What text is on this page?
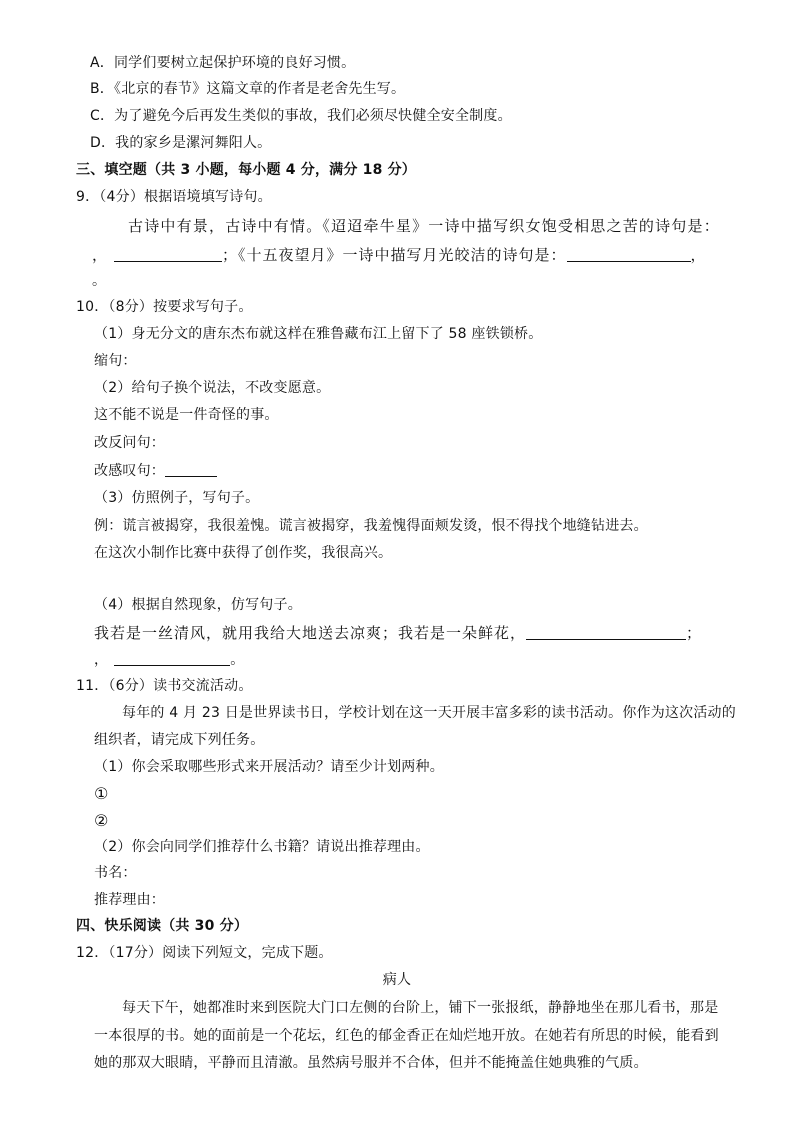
A．同学们要树立起保护环境的良好习惯。
B．《北京的春节》这篇文章的作者是老舍先生写。
C．为了避免今后再发生类似的事故，我们必须尽快健全安全制度。
D．我的家乡是漯河舞阳人。
三、填空题（共 3 小题，每小题 4 分，满分 18 分）
9．（4分）根据语境填写诗句。
古诗中有景，古诗中有情。《迢迢牵牛星》一诗中描写织女饱受相思之苦的诗句是：
，	；《十五夜望月》一诗中描写月光皎洁的诗句是：	，
。
10．（8分）按要求写句子。
（1）身无分文的唐东杰布就这样在雅鲁藏布江上留下了 58 座铁锁桥。
缩句：
（2）给句子换个说法，不改变愿意。
这不能不说是一件奇怪的事。
改反问句：
改感叹句：
（3）仿照例子，写句子。
例：谎言被揭穿，我很羞愧。谎言被揭穿，我羞愧得面颊发烫，恨不得找个地缝钻进去。
在这次小制作比赛中获得了创作奖，我很高兴。
（4）根据自然现象，仿写句子。
我若是一丝清风，就用我给大地送去凉爽；我若是一朵鲜花，	；
，	。
11．（6分）读书交流活动。
每年的 4 月 23 日是世界读书日，学校计划在这一天开展丰富多彩的读书活动。你作为这次活动的
组织者，请完成下列任务。
（1）你会采取哪些形式来开展活动？请至少计划两种。
①
②
（2）你会向同学们推荐什么书籍？请说出推荐理由。
书名：
推荐理由：
四、快乐阅读（共 30 分）
12．（17分）阅读下列短文，完成下题。
病人
每天下午，她都准时来到医院大门口左侧的台阶上，铺下一张报纸，静静地坐在那儿看书，那是
一本很厚的书。她的面前是一个花坛，红色的郁金香正在灿烂地开放。在她若有所思的时候，能看到
她的那双大眼睛，平静而且清澈。虽然病号服并不合体，但并不能掩盖住她典雅的气质。
